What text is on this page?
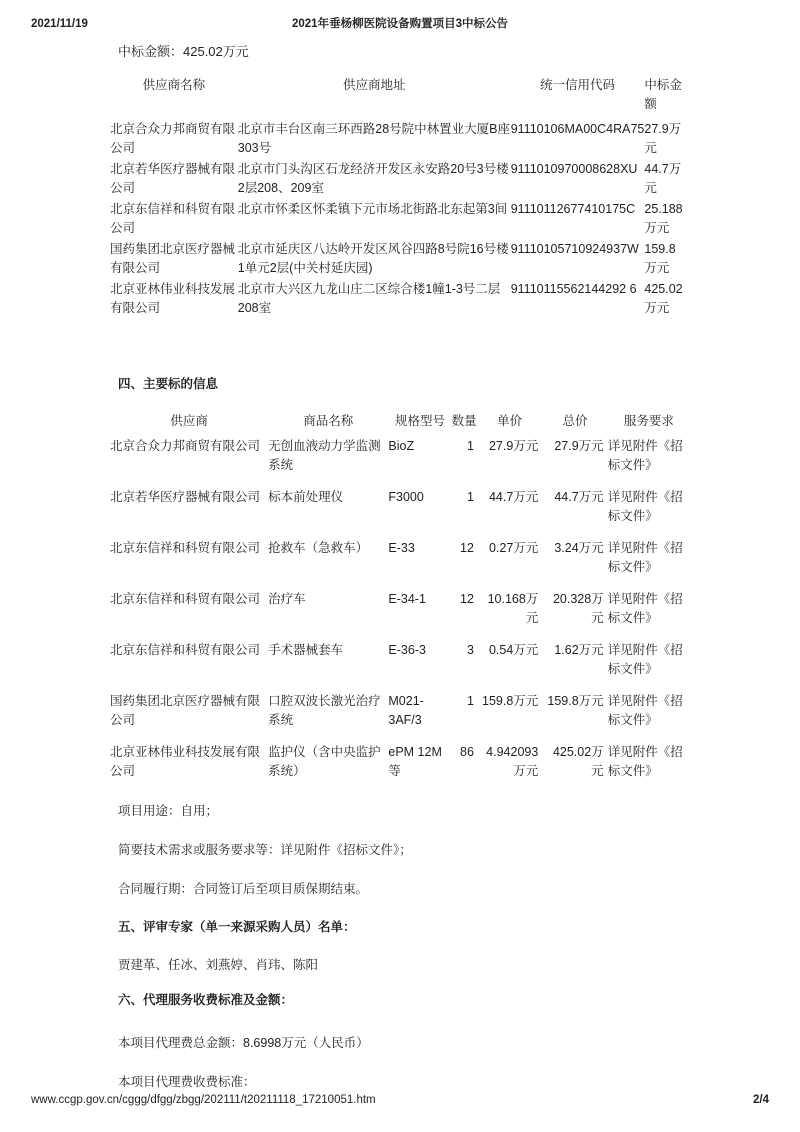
2021/11/19	2021年垂杨柳医院设备购置项目3中标公告
中标金额：425.02万元
供应商名称	供应商地址	统一信用代码	中标金额
北京合众力邦商贸有限公司	北京市丰台区南三环西路28号院中林置业大厦B座303号	91110106MA00C4RA75	27.9万元
北京若华医疗器械有限公司	北京市门头沟区石龙经济开发区永安路20号3号楼2层208、209室	9111010970008628XU	44.7万元
北京东信祥和科贸有限公司	北京市怀柔区怀柔镇下元市场北街路北东起第3间	91110112677410175C	25.188万元
国药集团北京医疗器械有限公司	北京市延庆区八达岭开发区风谷四路8号院16号楼1单元2层(中关村延庆园)	91110105710924937W	159.8万元
北京亚林伟业科技发展有限公司	北京市大兴区九龙山庄二区综合楼1幢1-3号二层208室	91110115562144292 6	425.02万元
四、主要标的信息
供应商	商品名称	规格型号	数量	单价	总价	服务要求
北京合众力邦商贸有限公司	无创血液动力学监测系统	BioZ	1	27.9万元	27.9万元	详见附件《招标文件》
北京若华医疗器械有限公司	标本前处理仪	F3000	1	44.7万元	44.7万元	详见附件《招标文件》
北京东信祥和科贸有限公司	抢救车（急救车）	E-33	12	0.27万元	3.24万元	详见附件《招标文件》
北京东信祥和科贸有限公司	治疗车	E-34-1	12	10.168万元	20.328万元	详见附件《招标文件》
北京东信祥和科贸有限公司	手术器械套车	E-36-3	3	0.54万元	1.62万元	详见附件《招标文件》
国药集团北京医疗器械有限公司	口腔双波长激光治疗系统	M021-3AF/3	1	159.8万元	159.8万元	详见附件《招标文件》
北京亚林伟业科技发展有限公司	监护仪（含中央监护系统）	ePM 12M等	86	4.942093万元	425.02万元	详见附件《招标文件》
项目用途：自用；
简要技术需求或服务要求等：详见附件《招标文件》；
合同履行期：合同签订后至项目质保期结束。
五、评审专家（单一来源采购人员）名单：
贾建革、任冰、刘燕婷、肖玮、陈阳
六、代理服务收费标准及金额：
本项目代理费总金额：8.6998万元（人民币）
本项目代理费收费标准：
www.ccgp.gov.cn/cggg/dfgg/zbgg/202111/t20211118_17210051.htm	2/4
